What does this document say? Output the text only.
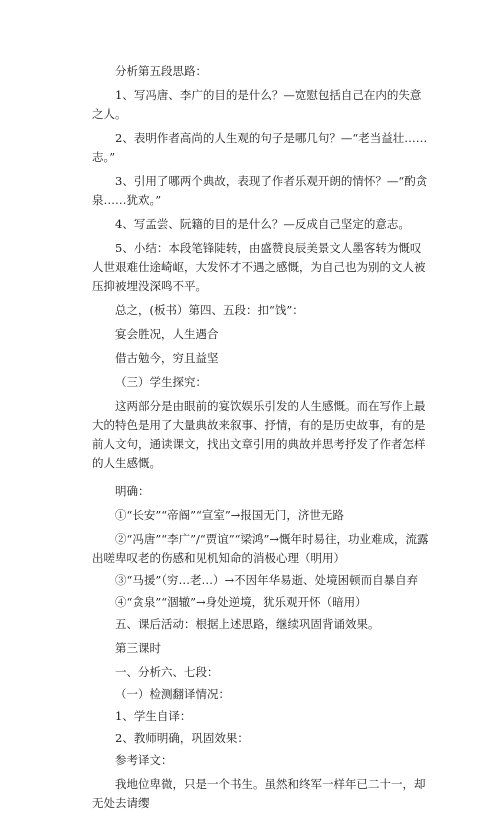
分析第五段思路：
1、写冯唐、李广的目的是什么？—宽慰包括自己在内的失意之人。
2、表明作者高尚的人生观的句子是哪几句？—“老当益壮……志。”
3、引用了哪两个典故，表现了作者乐观开朗的情怀？—“酌贪泉……犹欢。”
4、写孟尝、阮籍的目的是什么？—反成自己坚定的意志。
5、小结：本段笔锋陡转，由盛赞良辰美景文人墨客转为慨叹人世艰难仕途崎岖，大发怀才不遇之感慨，为自己也为别的文人被压抑被埋没深鸣不平。
总之，(板书）第四、五段：扣“饯”：
宴会胜况，人生遇合
借古勉今，穷且益坚
（三）学生探究：
这两部分是由眼前的宴饮娱乐引发的人生感慨。而在写作上最大的特色是用了大量典故来叙事、抒情，有的是历史故事，有的是前人文句，通读课文，找出文章引用的典故并思考抒发了作者怎样的人生感慨。
明确：
①“长安”“帝阍”“宣室”→报国无门，济世无路
②“冯唐”“李广”/“贾谊”“梁鸿”→慨年时易往，功业难成，流露出嗟卑叹老的伤感和见机知命的消极心理（明用）
③“马援”（穷…老…）→不因年华易逝、处境困顿而自暴自弃
④“贪泉”“涸辙”→身处逆境，犹乐观开怀（暗用）
五、课后活动：根据上述思路，继续巩固背诵效果。
第三课时
一、分析六、七段：
（一）检测翻译情况：
1、学生自译：
2、教师明确，巩固效果：
参考译文：
我地位卑微，只是一个书生。虽然和终军一样年已二十一，却无处去请缨
